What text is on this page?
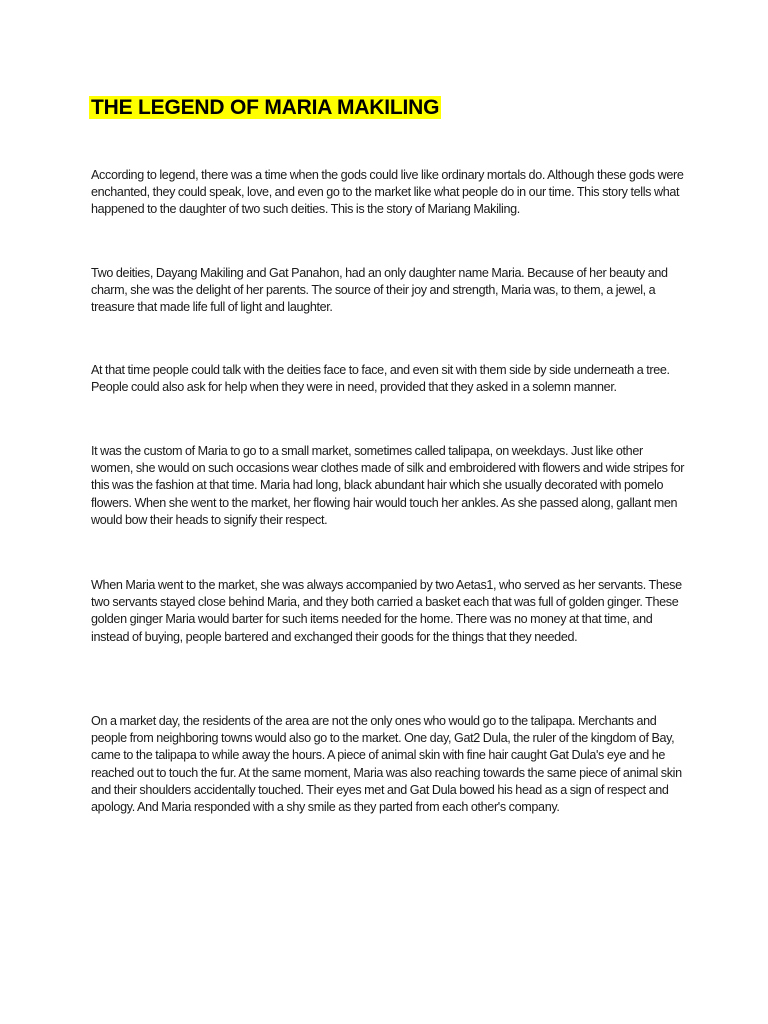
THE LEGEND OF MARIA MAKILING

According to legend, there was a time when the gods could live like ordinary mortals do. Although these gods were enchanted, they could speak, love, and even go to the market like what people do in our time. This story tells what happened to the daughter of two such deities. This is the story of Mariang Makiling.

Two deities, Dayang Makiling and Gat Panahon, had an only daughter name Maria. Because of her beauty and charm, she was the delight of her parents. The source of their joy and strength, Maria was, to them, a jewel, a treasure that made life full of light and laughter.

At that time people could talk with the deities face to face, and even sit with them side by side underneath a tree. People could also ask for help when they were in need, provided that they asked in a solemn manner.

It was the custom of Maria to go to a small market, sometimes called talipapa, on weekdays. Just like other women, she would on such occasions wear clothes made of silk and embroidered with flowers and wide stripes for this was the fashion at that time. Maria had long, black abundant hair which she usually decorated with pomelo flowers. When she went to the market, her flowing hair would touch her ankles. As she passed along, gallant men would bow their heads to signify their respect.

When Maria went to the market, she was always accompanied by two Aetas1, who served as her servants. These two servants stayed close behind Maria, and they both carried a basket each that was full of golden ginger. These golden ginger Maria would barter for such items needed for the home. There was no money at that time, and instead of buying, people bartered and exchanged their goods for the things that they needed.

On a market day, the residents of the area are not the only ones who would go to the talipapa. Merchants and people from neighboring towns would also go to the market. One day, Gat2 Dula, the ruler of the kingdom of Bay, came to the talipapa to while away the hours. A piece of animal skin with fine hair caught Gat Dula's eye and he reached out to touch the fur. At the same moment, Maria was also reaching towards the same piece of animal skin and their shoulders accidentally touched. Their eyes met and Gat Dula bowed his head as a sign of respect and apology. And Maria responded with a shy smile as they parted from each other's company.
